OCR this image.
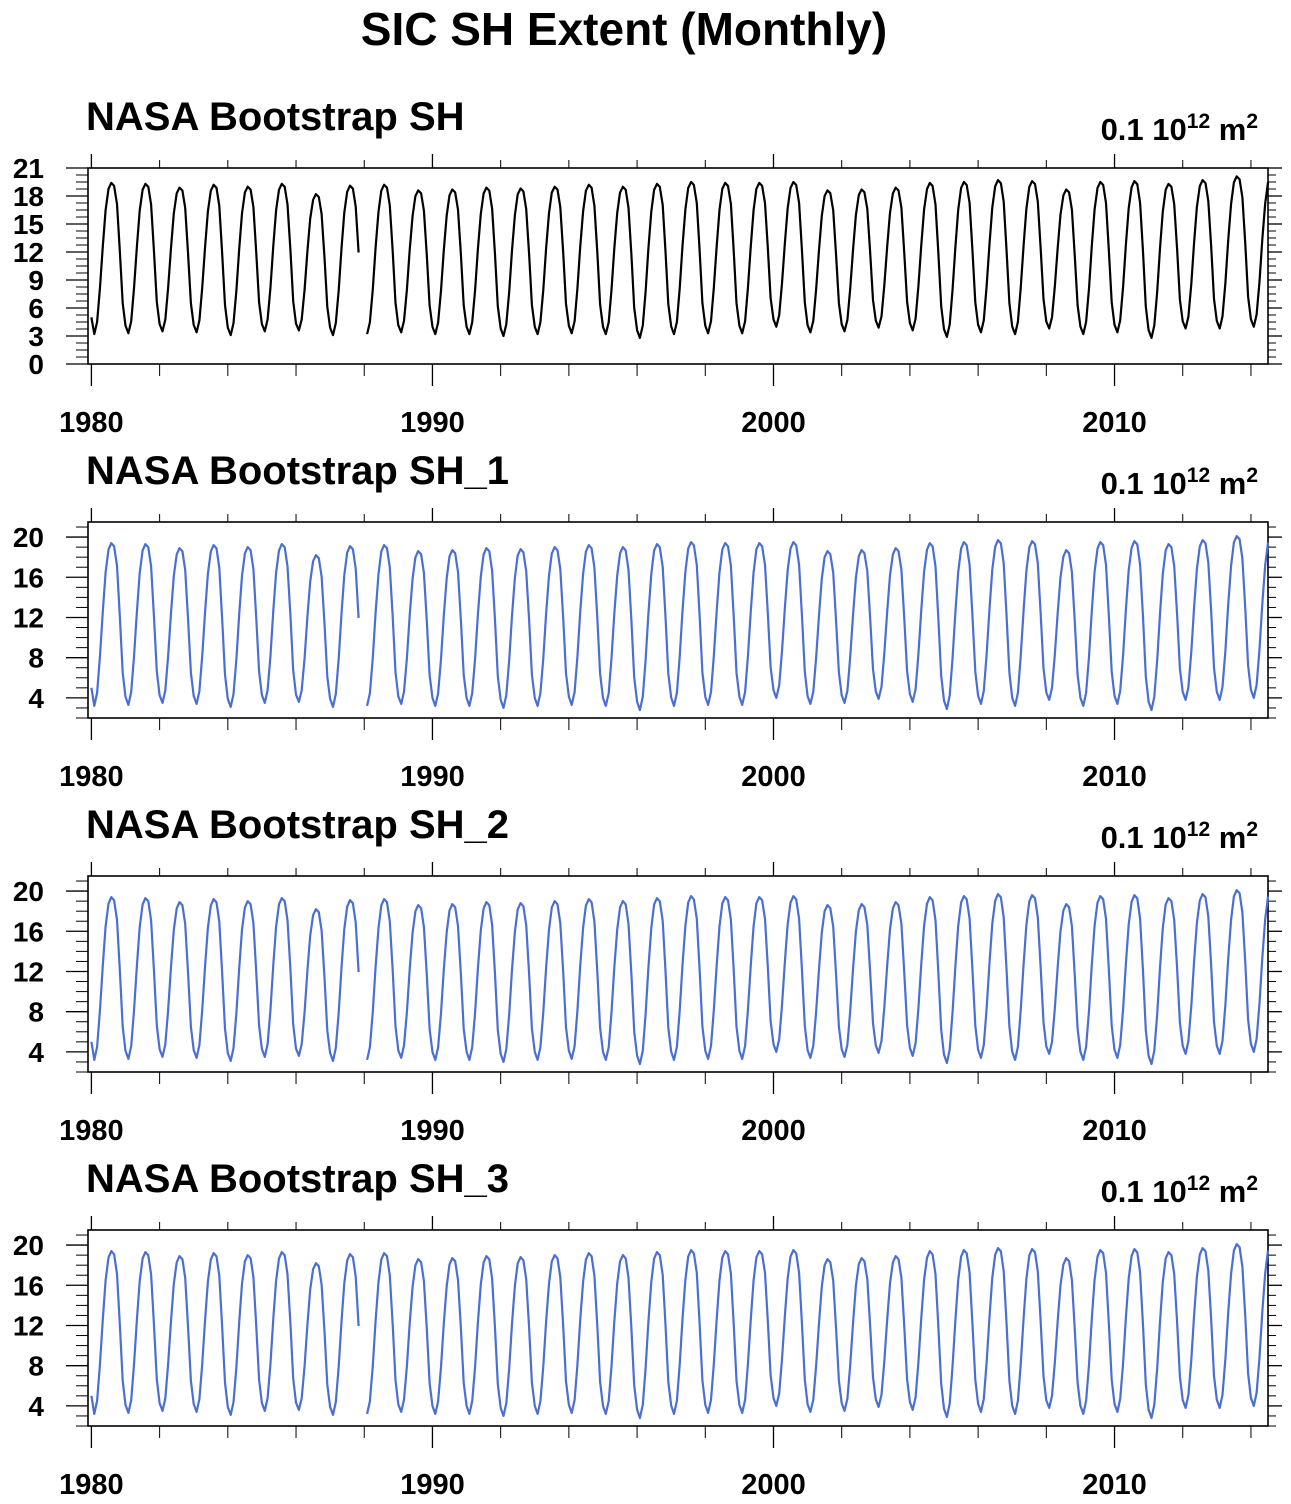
SIC SH Extent (Monthly)
NASA Bootstrap SH	0.1 $10^{12}$ $m^2$
0
3
6
9
12
15
18
21
1980	1990	2000	2010
NASA Bootstrap SH_1	0.1 $10^{12}$ $m^2$
4
8
12
16
20
1980	1990	2000	2010
NASA Bootstrap SH_2	0.1 $10^{12}$ $m^2$
4
8
12
16
20
1980	1990	2000	2010
NASA Bootstrap SH_3	0.1 $10^{12}$ $m^2$
4
8
12
16
20
1980	1990	2000	2010
